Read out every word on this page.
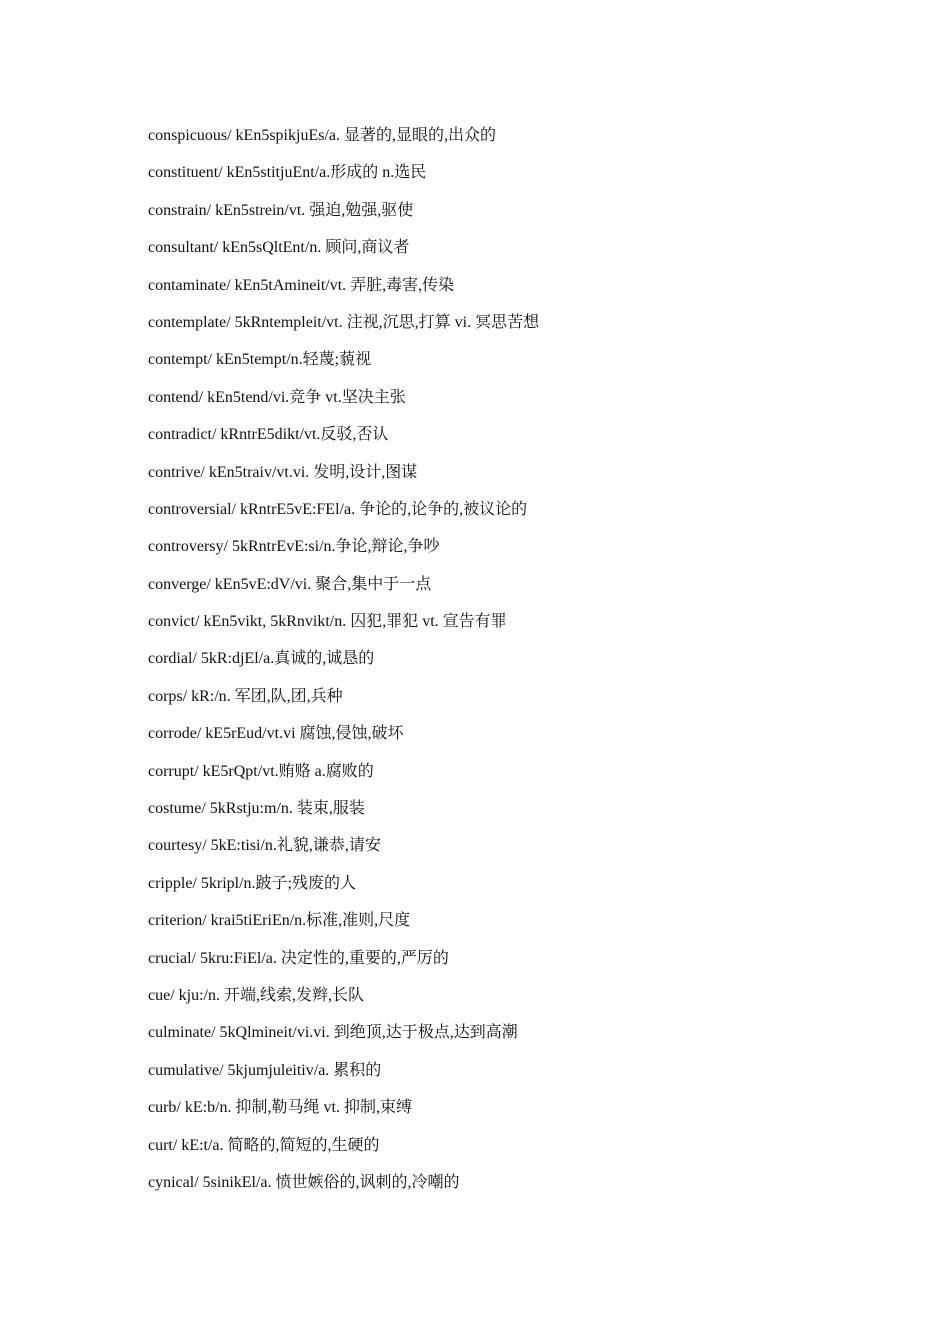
conspicuous/ kEn5spikjuEs/a. 显著的,显眼的,出众的
constituent/ kEn5stitjuEnt/a.形成的 n.选民
constrain/ kEn5strein/vt. 强迫,勉强,驱使
consultant/ kEn5sQltEnt/n. 顾问,商议者
contaminate/ kEn5tAmineit/vt. 弄脏,毒害,传染
contemplate/ 5kRntempleit/vt. 注视,沉思,打算 vi. 冥思苦想
contempt/ kEn5tempt/n.轻蔑;藐视
contend/ kEn5tend/vi.竞争 vt.坚决主张
contradict/ kRntrE5dikt/vt.反驳,否认
contrive/ kEn5traiv/vt.vi. 发明,设计,图谋
controversial/ kRntrE5vE:FEl/a. 争论的,论争的,被议论的
controversy/ 5kRntrEvE:si/n.争论,辩论,争吵
converge/ kEn5vE:dV/vi. 聚合,集中于一点
convict/ kEn5vikt, 5kRnvikt/n. 囚犯,罪犯 vt. 宣告有罪
cordial/ 5kR:djEl/a.真诚的,诚恳的
corps/ kR:/n. 军团,队,团,兵种
corrode/ kE5rEud/vt.vi 腐蚀,侵蚀,破坏
corrupt/ kE5rQpt/vt.贿赂 a.腐败的
costume/ 5kRstju:m/n. 装束,服装
courtesy/ 5kE:tisi/n.礼貌,谦恭,请安
cripple/ 5kripl/n.跛子;残废的人
criterion/ krai5tiEriEn/n.标准,准则,尺度
crucial/ 5kru:FiEl/a. 决定性的,重要的,严厉的
cue/ kju:/n. 开端,线索,发辫,长队
culminate/ 5kQlmineit/vi.vi. 到绝顶,达于极点,达到高潮
cumulative/ 5kjumjuleitiv/a. 累积的
curb/ kE:b/n. 抑制,勒马绳 vt. 抑制,束缚
curt/ kE:t/a. 简略的,简短的,生硬的
cynical/ 5sinikEl/a. 愤世嫉俗的,讽刺的,冷嘲的
